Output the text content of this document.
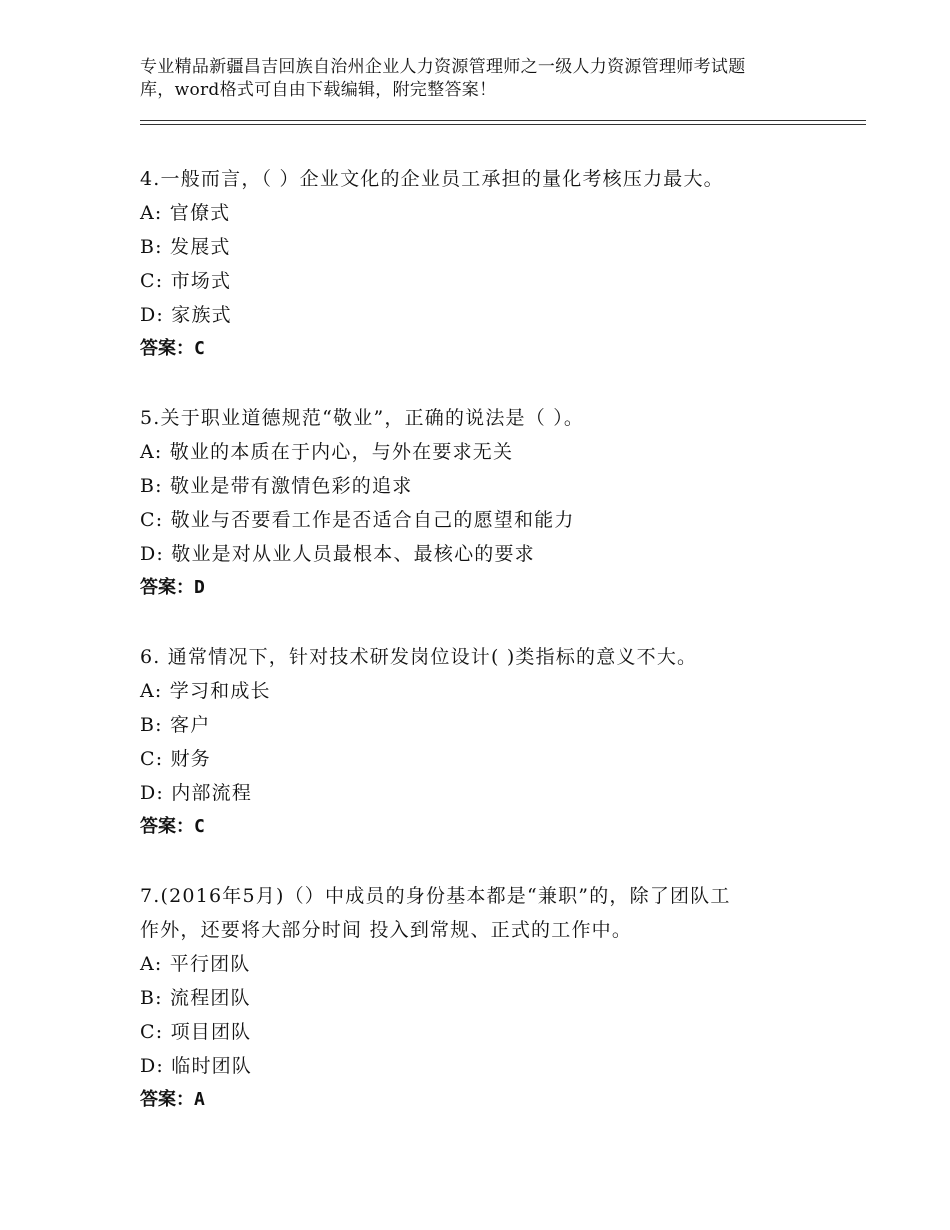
专业精品新疆昌吉回族自治州企业人力资源管理师之一级人力资源管理师考试题
库，word格式可自由下载编辑，附完整答案！
4.一般而言，（ ）企业文化的企业员工承担的量化考核压力最大。
A: 官僚式
B: 发展式
C: 市场式
D: 家族式
答案：C
5.关于职业道德规范“敬业”，正确的说法是（ ）。
A: 敬业的本质在于内心，与外在要求无关
B: 敬业是带有激情色彩的追求
C: 敬业与否要看工作是否适合自己的愿望和能力
D: 敬业是对从业人员最根本、最核心的要求
答案：D
6. 通常情况下，针对技术研发岗位设计( )类指标的意义不大。
A: 学习和成长
B: 客户
C: 财务
D: 内部流程
答案：C
7.(2016年5月)（）中成员的身份基本都是“兼职”的，除了团队工
作外，还要将大部分时间 投入到常规、正式的工作中。
A: 平行团队
B: 流程团队
C: 项目团队
D: 临时团队
答案：A
